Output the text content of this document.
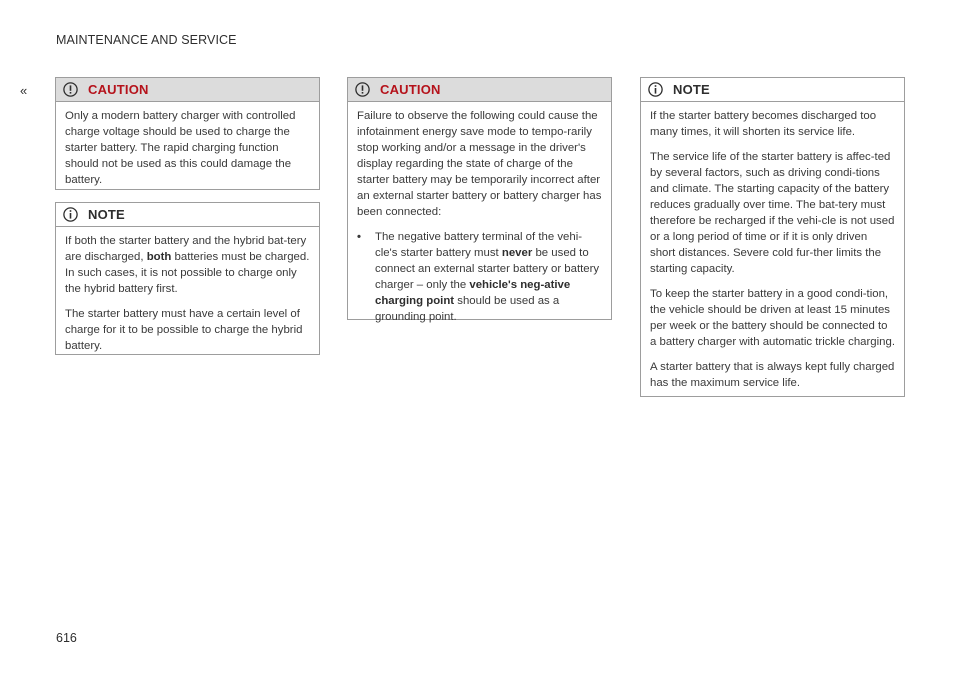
MAINTENANCE AND SERVICE
«	CAUTION

Only a modern battery charger with controlled charge voltage should be used to charge the starter battery. The rapid charging function should not be used as this could damage the battery.

NOTE

If both the starter battery and the hybrid bat-tery are discharged, both batteries must be charged. In such cases, it is not possible to charge only the hybrid battery first.

The starter battery must have a certain level of charge for it to be possible to charge the hybrid battery.

CAUTION

Failure to observe the following could cause the infotainment energy save mode to tempo-rarily stop working and/or a message in the driver's display regarding the state of charge of the starter battery may be temporarily incorrect after an external starter battery or battery charger has been connected:

•	The negative battery terminal of the vehi-cle's starter battery must never be used to connect an external starter battery or battery charger – only the vehicle's neg-ative charging point should be used as a grounding point.
NOTE

If the starter battery becomes discharged too many times, it will shorten its service life.

The service life of the starter battery is affec-ted by several factors, such as driving condi-tions and climate. The starting capacity of the battery reduces gradually over time. The bat-tery must therefore be recharged if the vehi-cle is not used or a long period of time or if it is only driven short distances. Severe cold fur-ther limits the starting capacity.

To keep the starter battery in a good condi-tion, the vehicle should be driven at least 15 minutes per week or the battery should be connected to a battery charger with automatic trickle charging.

A starter battery that is always kept fully charged has the maximum service life.

616
